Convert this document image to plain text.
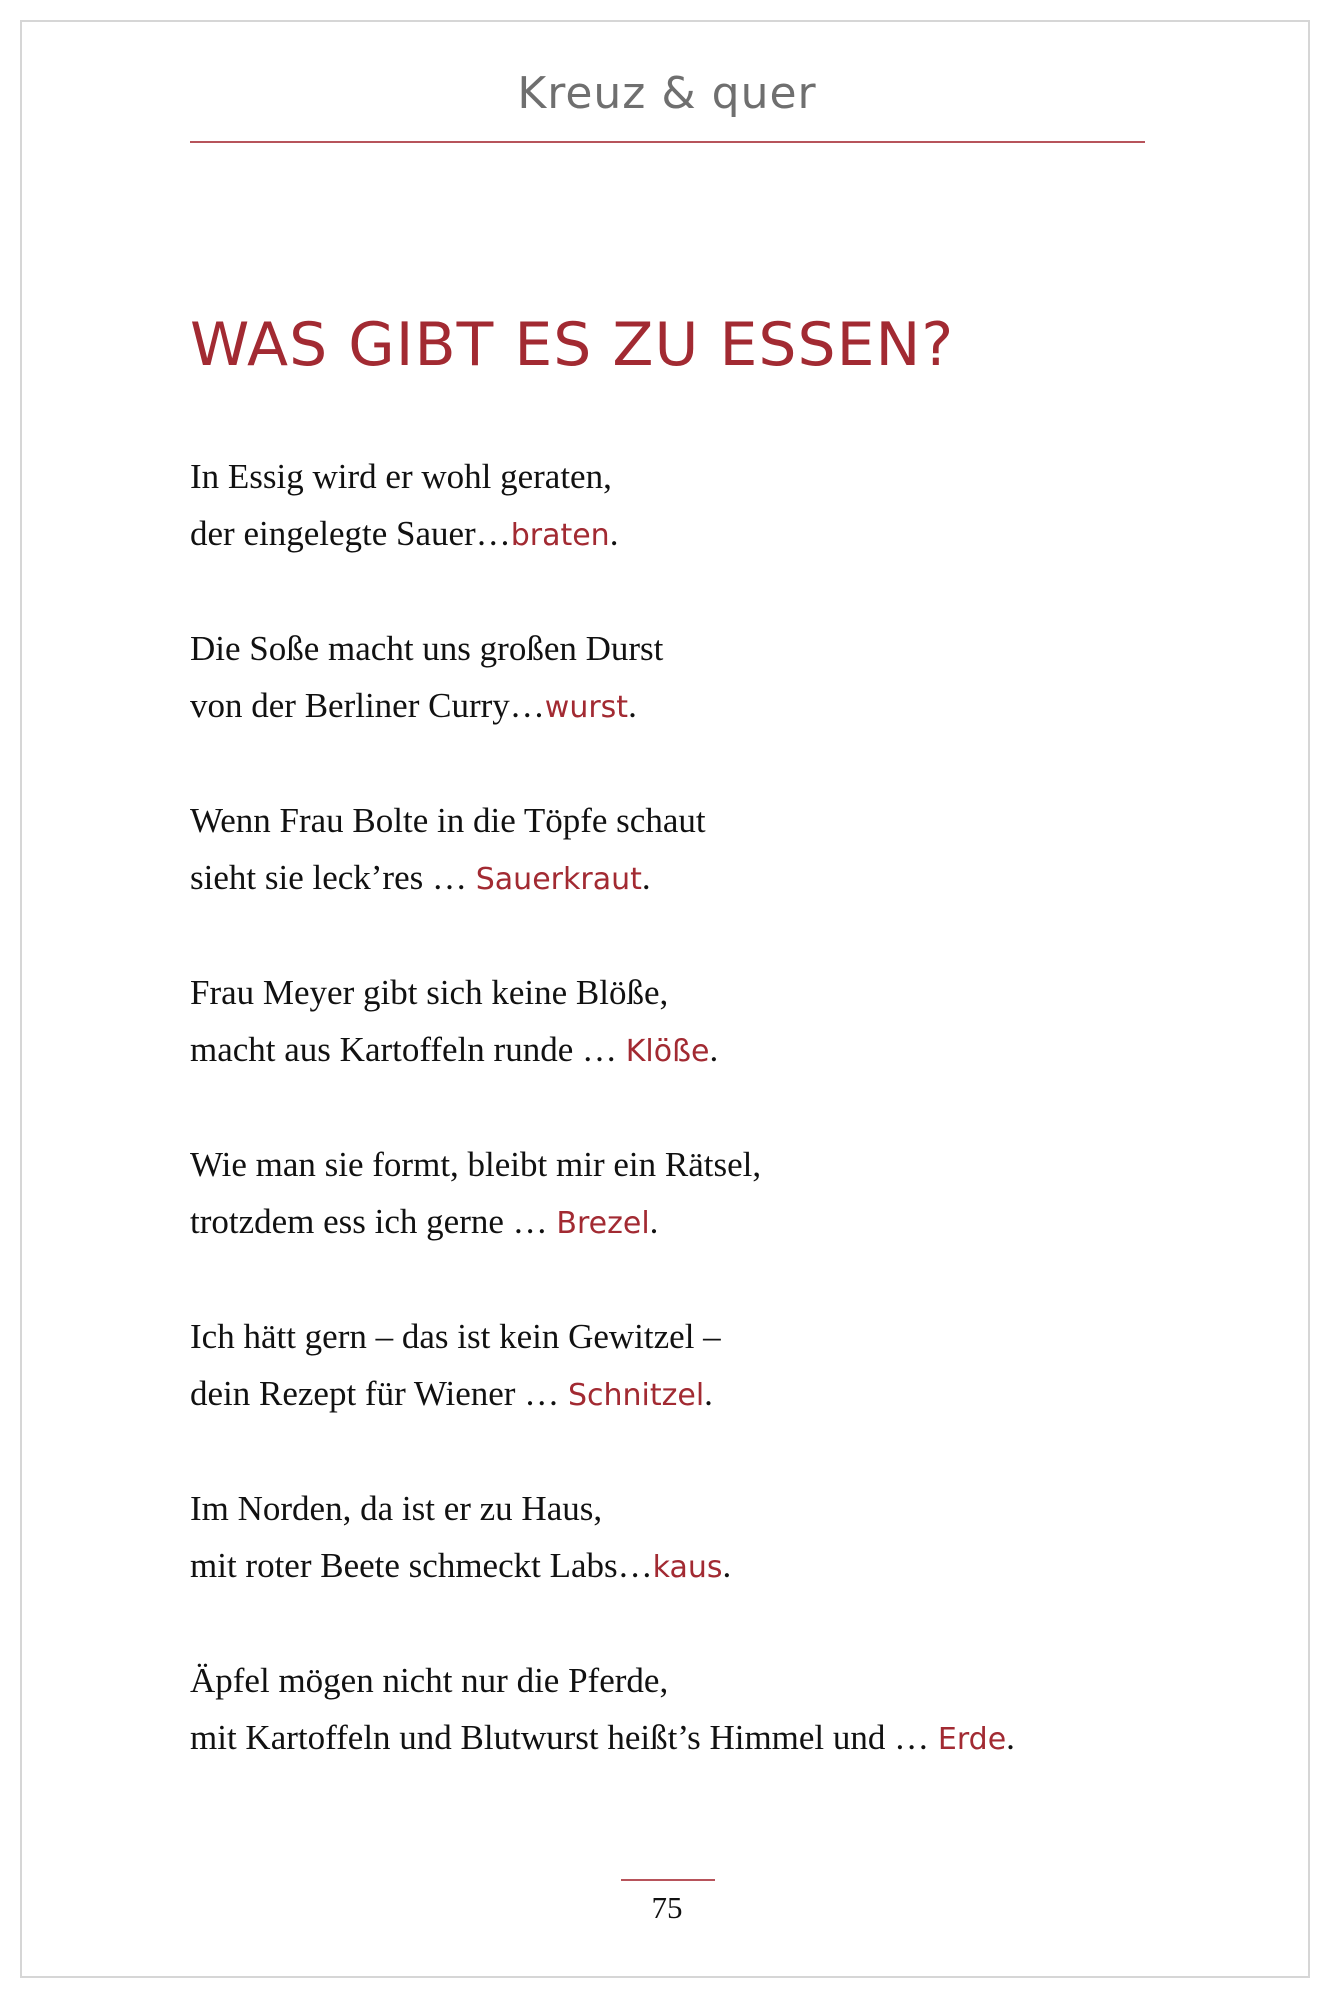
Kreuz & quer
WAS GIBT ES ZU ESSEN?
In Essig wird er wohl geraten,
der eingelegte Sauer…braten.
Die Soße macht uns großen Durst
von der Berliner Curry…wurst.
Wenn Frau Bolte in die Töpfe schaut
sieht sie leck’res … Sauerkraut.
Frau Meyer gibt sich keine Blöße,
macht aus Kartoffeln runde … Klöße.
Wie man sie formt, bleibt mir ein Rätsel,
trotzdem ess ich gerne … Brezel.
Ich hätt gern – das ist kein Gewitzel –
dein Rezept für Wiener … Schnitzel.
Im Norden, da ist er zu Haus,
mit roter Beete schmeckt Labs…kaus.
Äpfel mögen nicht nur die Pferde,
mit Kartoffeln und Blutwurst heißt’s Himmel und … Erde.
75
